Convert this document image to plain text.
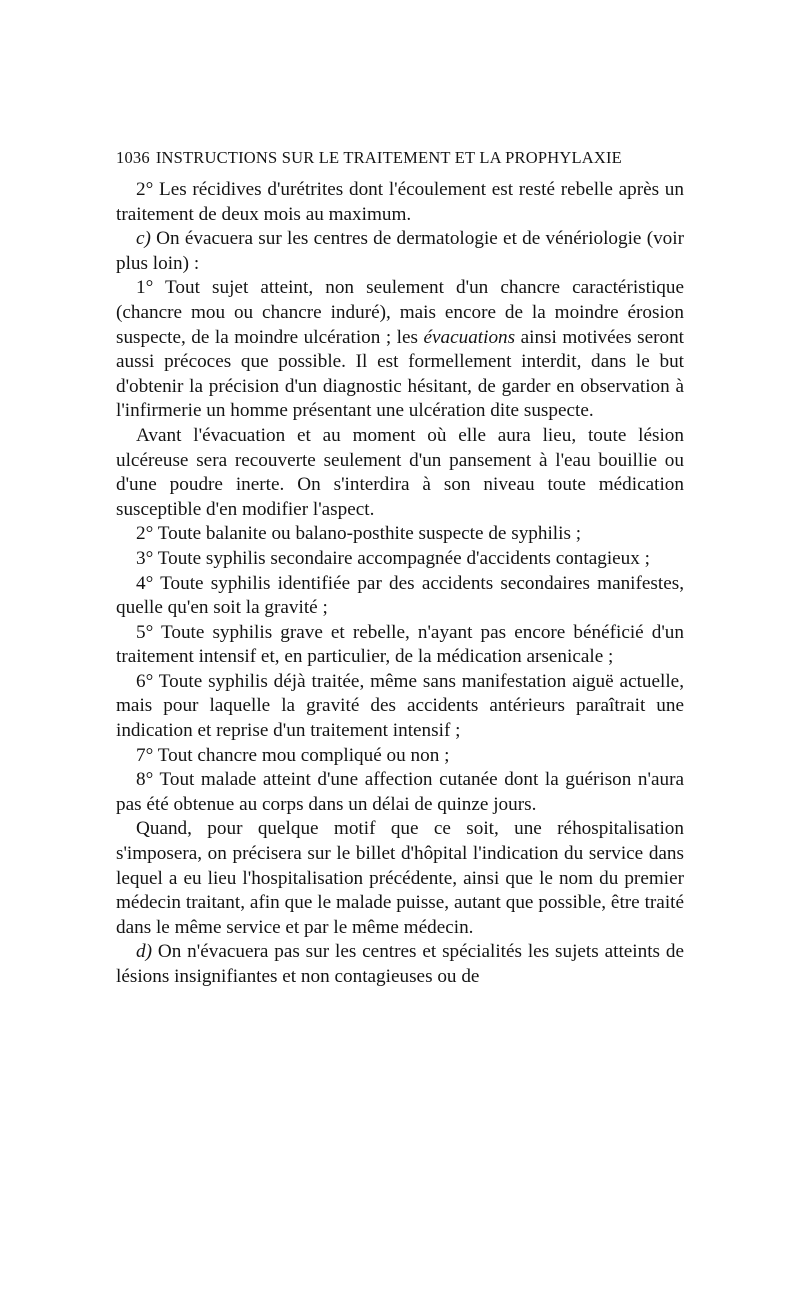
1036 INSTRUCTIONS SUR LE TRAITEMENT ET LA PROPHYLAXIE

2° Les récidives d'urétrites dont l'écoulement est resté rebelle après un traitement de deux mois au maximum.

c) On évacuera sur les centres de dermatologie et de vénériologie (voir plus loin) :

1° Tout sujet atteint, non seulement d'un chancre caractéristique (chancre mou ou chancre induré), mais encore de la moindre érosion suspecte, de la moindre ulcération ; les évacuations ainsi motivées seront aussi précoces que possible. Il est formellement interdit, dans le but d'obtenir la précision d'un diagnostic hésitant, de garder en observation à l'infirmerie un homme présentant une ulcération dite suspecte.

Avant l'évacuation et au moment où elle aura lieu, toute lésion ulcéreuse sera recouverte seulement d'un pansement à l'eau bouillie ou d'une poudre inerte. On s'interdira à son niveau toute médication susceptible d'en modifier l'aspect.

2° Toute balanite ou balano-posthite suspecte de syphilis ;

3° Toute syphilis secondaire accompagnée d'accidents contagieux ;

4° Toute syphilis identifiée par des accidents secondaires manifestes, quelle qu'en soit la gravité ;

5° Toute syphilis grave et rebelle, n'ayant pas encore bénéficié d'un traitement intensif et, en particulier, de la médication arsenicale ;

6° Toute syphilis déjà traitée, même sans manifestation aiguë actuelle, mais pour laquelle la gravité des accidents antérieurs paraîtrait une indication et reprise d'un traitement intensif ;

7° Tout chancre mou compliqué ou non ;

8° Tout malade atteint d'une affection cutanée dont la guérison n'aura pas été obtenue au corps dans un délai de quinze jours.

Quand, pour quelque motif que ce soit, une réhospitalisation s'imposera, on précisera sur le billet d'hôpital l'indication du service dans lequel a eu lieu l'hospitalisation précédente, ainsi que le nom du premier médecin traitant, afin que le malade puisse, autant que possible, être traité dans le même service et par le même médecin.

d) On n'évacuera pas sur les centres et spécialités les sujets atteints de lésions insignifiantes et non contagieuses ou de
